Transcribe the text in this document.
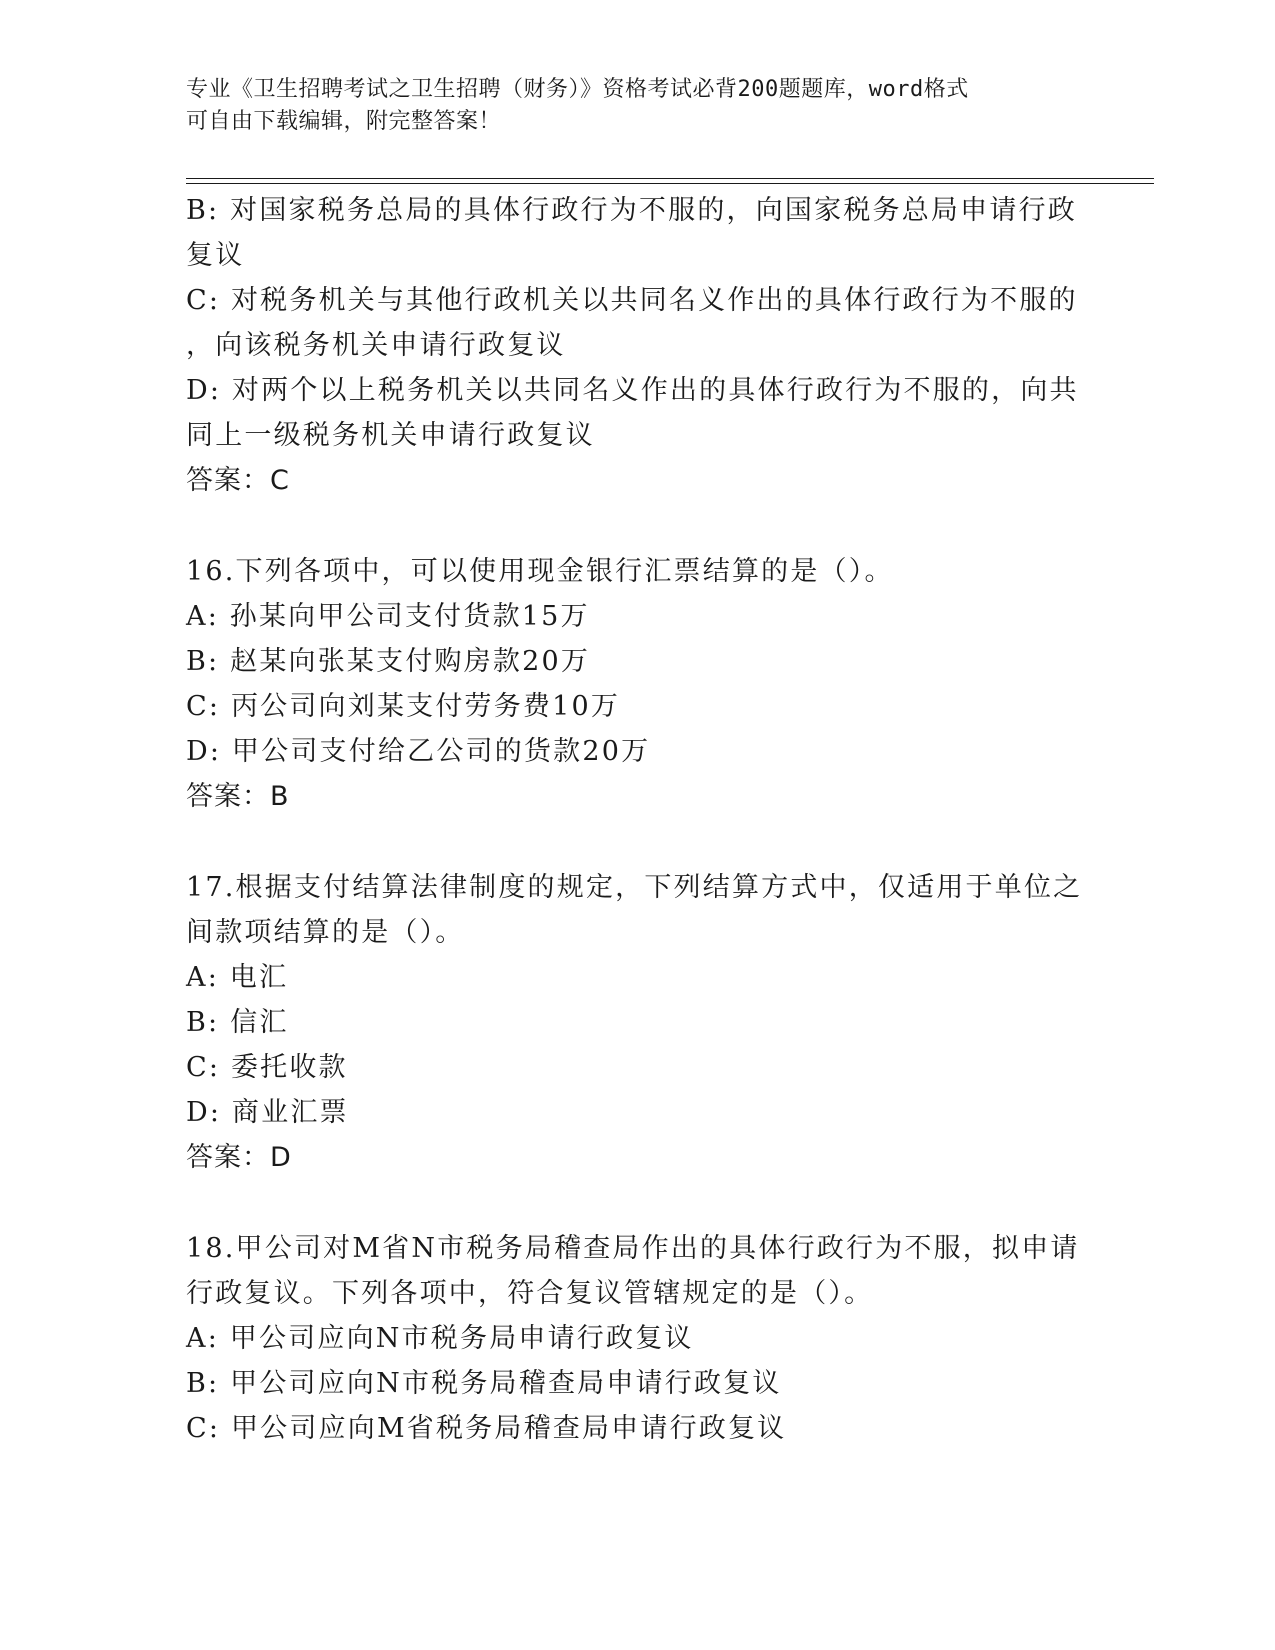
专业《卫生招聘考试之卫生招聘（财务）》资格考试必背200题题库，word格式
可自由下载编辑，附完整答案！
B: 对国家税务总局的具体行政行为不服的，向国家税务总局申请行政
复议
C: 对税务机关与其他行政机关以共同名义作出的具体行政行为不服的
，向该税务机关申请行政复议
D: 对两个以上税务机关以共同名义作出的具体行政行为不服的，向共
同上一级税务机关申请行政复议
答案：C
16.下列各项中，可以使用现金银行汇票结算的是（）。
A: 孙某向甲公司支付货款15万
B: 赵某向张某支付购房款20万
C: 丙公司向刘某支付劳务费10万
D: 甲公司支付给乙公司的货款20万
答案：B
17.根据支付结算法律制度的规定，下列结算方式中，仅适用于单位之
间款项结算的是（）。
A: 电汇
B: 信汇
C: 委托收款
D: 商业汇票
答案：D
18.甲公司对M省N市税务局稽查局作出的具体行政行为不服，拟申请
行政复议。下列各项中，符合复议管辖规定的是（）。
A: 甲公司应向N市税务局申请行政复议
B: 甲公司应向N市税务局稽查局申请行政复议
C: 甲公司应向M省税务局稽查局申请行政复议
